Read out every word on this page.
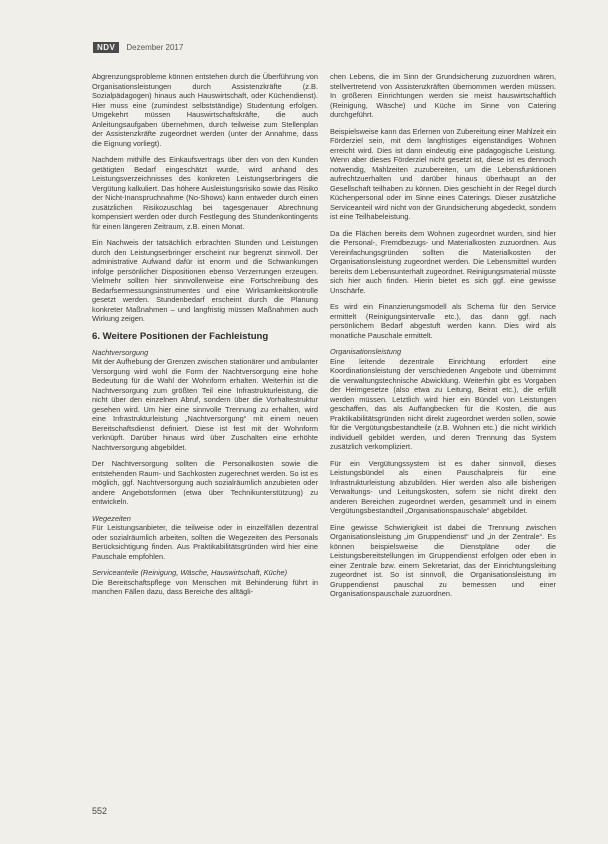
NDV	Dezember 2017

Abgrenzungsprobleme können entstehen durch die Überführung von Organisationsleistungen durch Assistenzkräfte (z.B. Sozialpädagogen) hinaus auch Hauswirtschaft, oder Küchendienst). Hier muss eine (zumindest selbstständige) Studentung erfolgen. Umgekehrt müssen Hauswirtschaftskräfte, die auch Anleitungsaufgaben übernehmen, durch teilweise zum Stellenplan der Assistenzkräfte zugeordnet werden (unter der Annahme, dass die Eignung vorliegt).

Nachdem mithilfe des Einkaufsvertrags über den von den Kunden getätigten Bedarf eingeschätzt wurde, wird anhand des Leistungsverzeichnisses des konkreten Leistungserbringers die Vergütung kalkuliert. Das höhere Ausleistungsrisiko sowie das Risiko der Nicht-Inanspruchnahme (No-Shows) kann entweder durch einen zusätzlichen Risikozuschlag bei tagesgenauer Abrechnung kompensiert werden oder durch Festlegung des Stundenkontingents für einen längeren Zeitraum, z.B. einen Monat.

Ein Nachweis der tatsächlich erbrachten Stunden und Leistungen durch den Leistungserbringer erscheint nur begrenzt sinnvoll. Der administrative Aufwand dafür ist enorm und die Schwankungen infolge persönlicher Dispositionen ebenso Verzerrungen erzeugen. Vielmehr sollten hier sinnvollerweise eine Fortschreibung des Bedarfsermessungsinstrumentes und eine Wirksamkeitskontrolle gesetzt werden. Stundenbedarf erscheint durch die Planung konkreter Maßnahmen – und langfristig müssen Maßnahmen auch Wirkung zeigen.

6. Weitere Positionen der Fachleistung
Nachtversorgung

Mit der Aufhebung der Grenzen zwischen stationärer und ambulanter Versorgung wird wohl die Form der Nachtversorgung eine hohe Bedeutung für die Wahl der Wohnform erhalten. Weiterhin ist die Nachtversorgung zum größten Teil eine Infrastrukturleistung, die nicht über den einzelnen Abruf, sondern über die Vorhaltestruktur gesehen wird. Um hier eine sinnvolle Trennung zu erhalten, wird eine Infrastrukturleistung „Nachtversorgung“ mit einem neuen Bereitschaftsdienst definiert. Diese ist fest mit der Wohnform verknüpft. Darüber hinaus wird über Zuschalten eine erhöhte Nachtversorgung abgebildet.

Der Nachtversorgung sollten die Personalkosten sowie die entstehenden Raum- und Sachkosten zugerechnet werden. So ist es möglich, ggf. Nachtversorgung auch sozialräumlich anzubieten oder andere Angebotsformen (etwa über Technikunterstützung) zu entwickeln.

Wegezeiten

Für Leistungsanbieter, die teilweise oder in einzelfällen dezentral oder sozialräumlich arbeiten, sollten die Wegezeiten des Personals Berücksichtigung finden. Aus Praktikabilitätsgründen wird hier eine Pauschale empfohlen.

Serviceanteile (Reinigung, Wäsche, Hauswirtschaft, Küche)

Die Bereitschaftspflege von Menschen mit Behinderung führt in manchen Fällen dazu, dass Bereiche des alltägli-

chen Lebens, die im Sinn der Grundsicherung zuzuordnen wären, stellvertretend von Assistenzkräften übernommen werden müssen. In größeren Einrichtungen werden sie meist hauswirtschaftlich (Reinigung, Wäsche) und Küche im Sinne von Catering durchgeführt.

Beispielsweise kann das Erlernen von Zubereitung einer Mahlzeit ein Förderziel sein, mit dem langfristiges eigenständiges Wohnen erreicht wird. Dies ist dann eindeutig eine pädagogische Leistung. Wenn aber dieses Förderziel nicht gesetzt ist, diese ist es dennoch notwendig, Mahlzeiten zuzubereiten, um die Lebensfunktionen aufrechtzuerhalten und darüber hinaus überhaupt an der Gesellschaft teilhaben zu können. Dies geschieht in der Regel durch Küchenpersonal oder im Sinne eines Caterings. Dieser zusätzliche Serviceanteil wird nicht von der Grundsicherung abgedeckt, sondern ist eine Teilhabeleistung.

Da die Flächen bereits dem Wohnen zugeordnet wurden, sind hier die Personal-, Fremdbezugs- und Materialkosten zuzuordnen. Aus Vereinfachungsgründen sollten die Materialkosten der Organisationsleistung zugeordnet werden. Die Lebensmittel wurden bereits dem Lebensunterhalt zugeordnet. Reinigungsmaterial müsste sich hier auch finden. Hierin bietet es sich ggf. eine gewisse Unschärfe.

Es wird ein Finanzierungsmodell als Schema für den Service ermittelt (Reinigungsintervalle etc.), das dann ggf. nach persönlichem Bedarf abgestuft werden kann. Dies wird als monatliche Pauschale ermittelt.

Organisationsleistung

Eine leitende dezentrale Einrichtung erfordert eine Koordinationsleistung der verschiedenen Angebote und übernimmt die verwaltungstechnische Abwicklung. Weiterhin gibt es Vorgaben der Heimgesetze (also etwa zu Leitung, Beirat etc.), die erfüllt werden müssen. Letztlich wird hier ein Bündel von Leistungen geschaffen, das als Auffangbecken für die Kosten, die aus Praktikabilitätsgründen nicht direkt zugeordnet werden sollen, sowie für die Vergütungsbestandteile (z.B. Wohnen etc.) die nicht wirklich individuell gebildet werden, und deren Trennung das System zusätzlich verkompliziert.

Für ein Vergütungssystem ist es daher sinnvoll, dieses Leistungsbündel als einen Pauschalpreis für eine Infrastrukturleistung abzubilden. Hier werden also alle bisherigen Verwaltungs- und Leitungskosten, sofern sie nicht direkt den anderen Bereichen zugeordnet werden, gesammelt und in einem Vergütungsbestandteil „Organisationspauschale“ abgebildet.

Eine gewisse Schwierigkeit ist dabei die Trennung zwischen Organisationsleistung „im Gruppendienst“ und „in der Zentrale“. Es können beispielsweise die Dienstpläne oder die Leistungsbereitstellungen im Gruppendienst erfolgen oder eben in einer Zentrale bzw. einem Sekretariat, das der Einrichtungsleitung zugeordnet ist. So ist sinnvoll, die Organisationsleistung im Gruppendienst pauschal zu bemessen und einer Organisationspauschale zuzuordnen.

552
